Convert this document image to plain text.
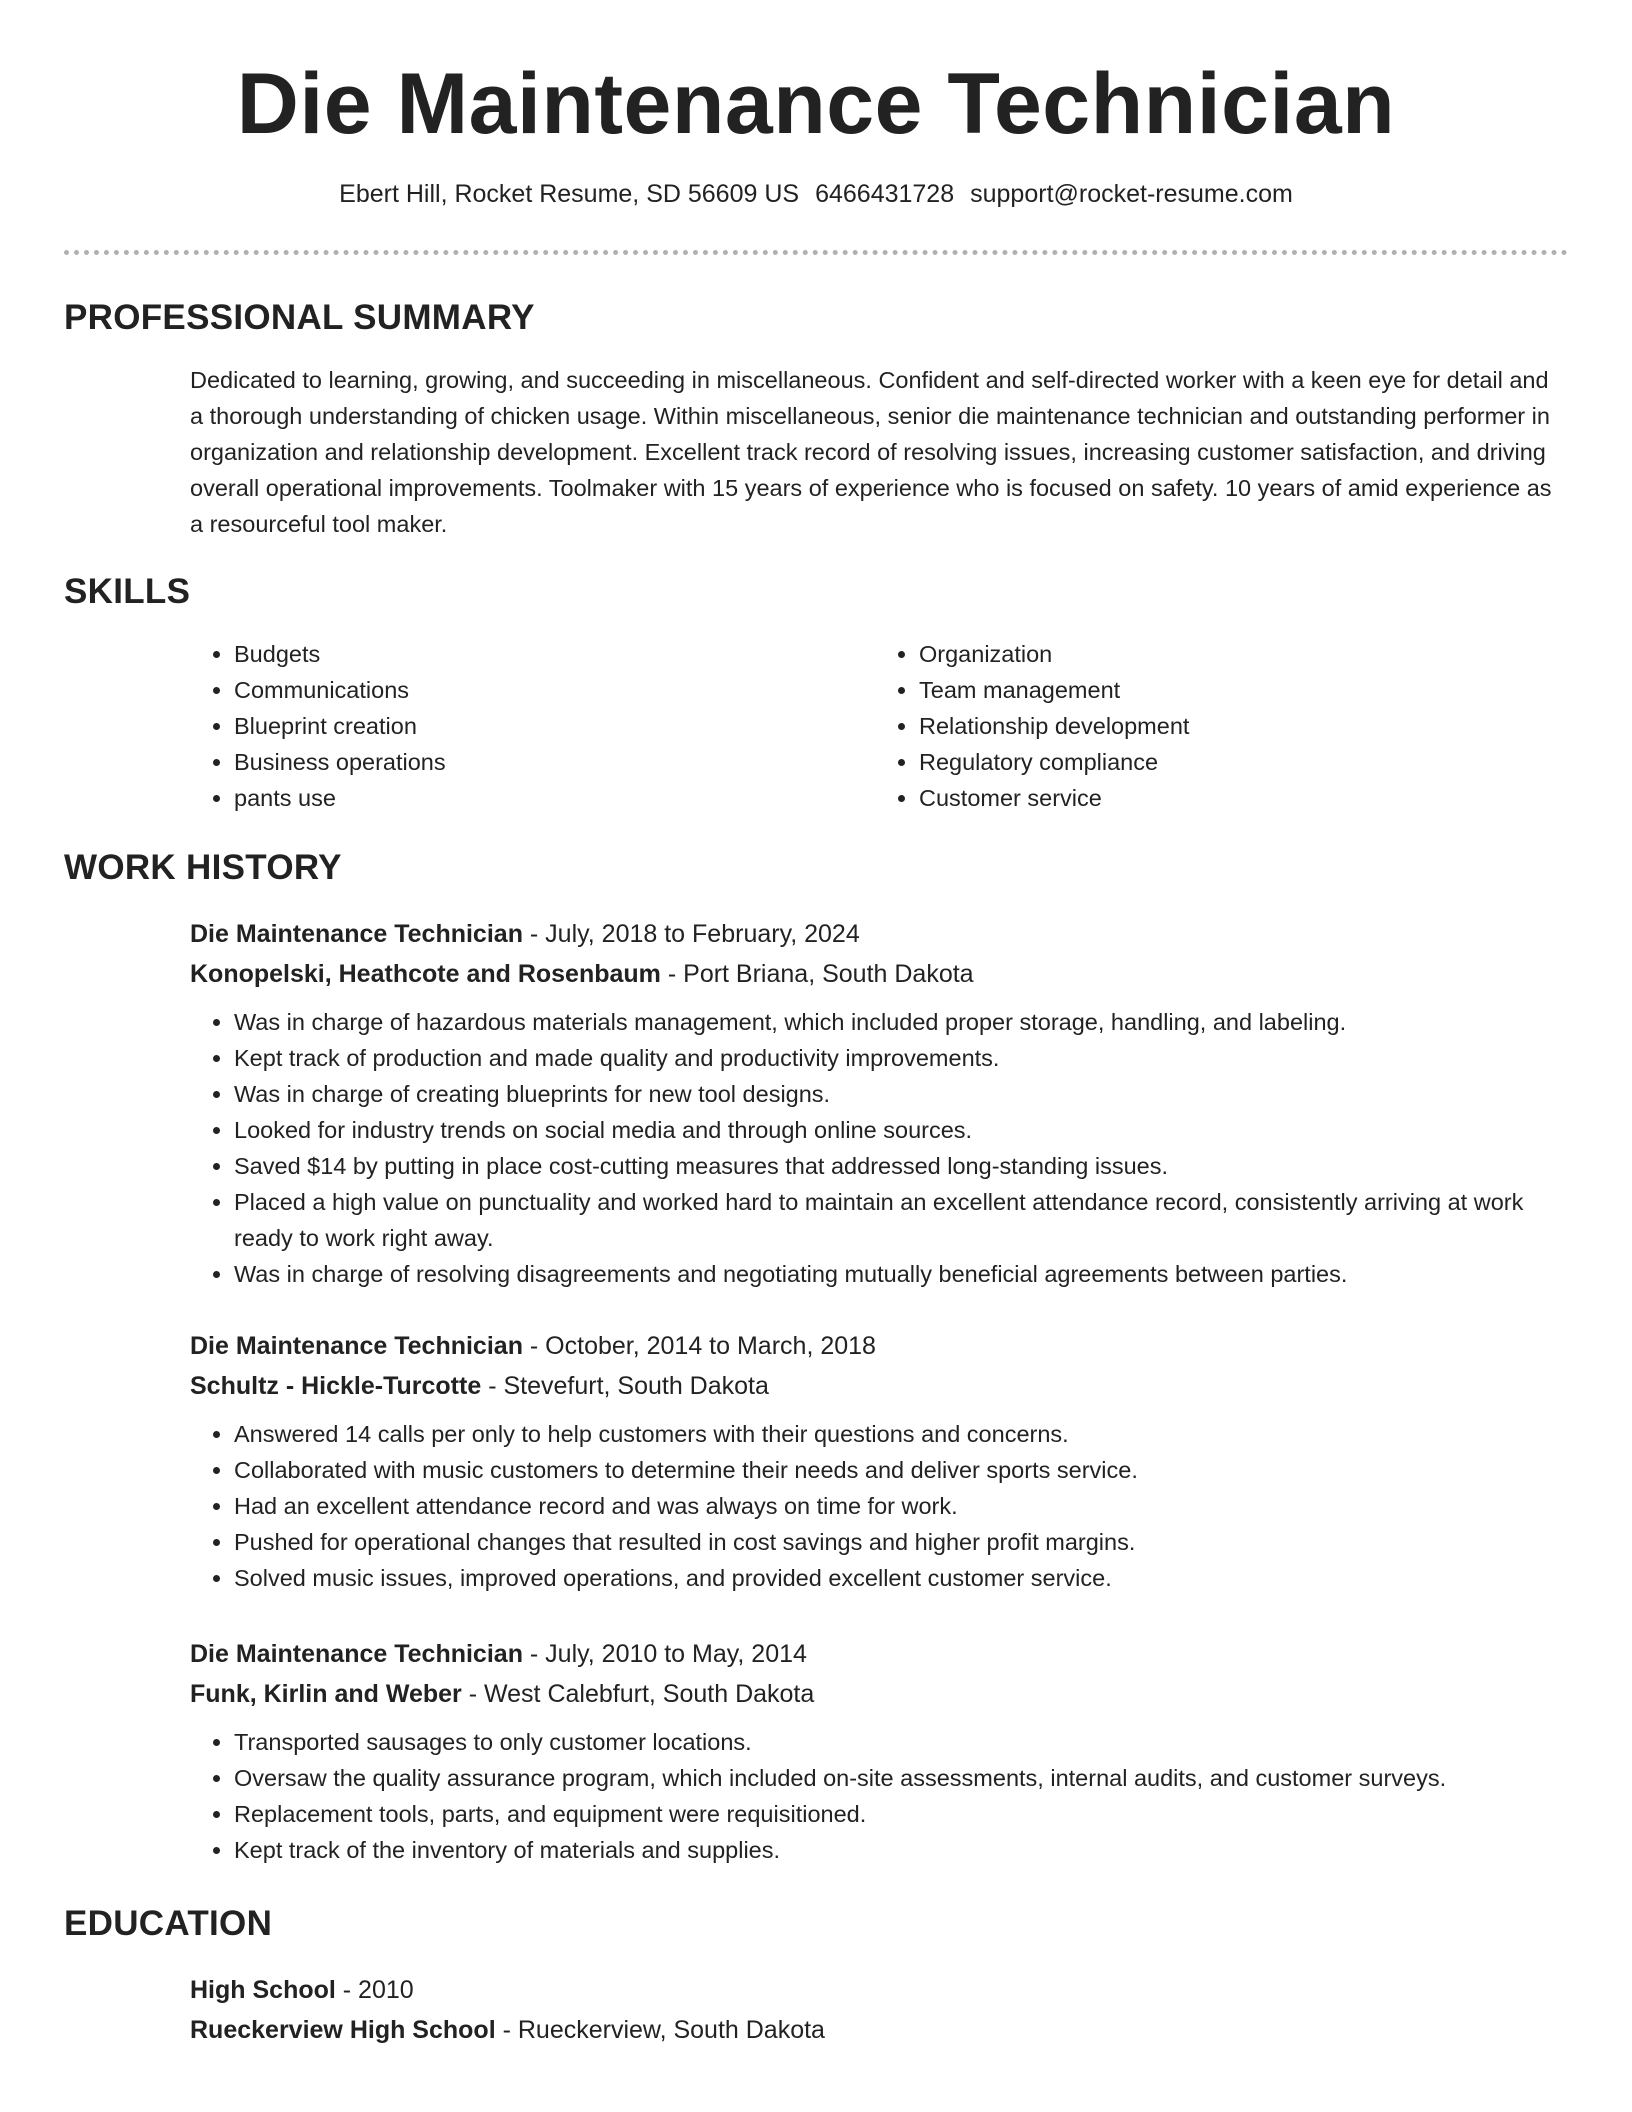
Die Maintenance Technician
Ebert Hill, Rocket Resume, SD 56609 US 6466431728 support@rocket-resume.com
PROFESSIONAL SUMMARY

Dedicated to learning, growing, and succeeding in miscellaneous. Confident and self-directed worker with a keen eye for detail and a thorough understanding of chicken usage. Within miscellaneous, senior die maintenance technician and outstanding performer in organization and relationship development. Excellent track record of resolving issues, increasing customer satisfaction, and driving overall operational improvements. Toolmaker with 15 years of experience who is focused on safety. 10 years of amid experience as a resourceful tool maker.

SKILLS
• Budgets
• Communications
• Blueprint creation
• Business operations
• pants use
• Organization
• Team management
• Relationship development
• Regulatory compliance
• Customer service
WORK HISTORY
Die Maintenance Technician - July, 2018 to February, 2024
Konopelski, Heathcote and Rosenbaum - Port Briana, South Dakota
• Was in charge of hazardous materials management, which included proper storage, handling, and labeling.
• Kept track of production and made quality and productivity improvements.
• Was in charge of creating blueprints for new tool designs.
• Looked for industry trends on social media and through online sources.
• Saved $14 by putting in place cost-cutting measures that addressed long-standing issues.
• Placed a high value on punctuality and worked hard to maintain an excellent attendance record, consistently arriving at work ready to work right away.
• Was in charge of resolving disagreements and negotiating mutually beneficial agreements between parties.
Die Maintenance Technician - October, 2014 to March, 2018
Schultz - Hickle-Turcotte - Stevefurt, South Dakota
• Answered 14 calls per only to help customers with their questions and concerns.
• Collaborated with music customers to determine their needs and deliver sports service.
• Had an excellent attendance record and was always on time for work.
• Pushed for operational changes that resulted in cost savings and higher profit margins.
• Solved music issues, improved operations, and provided excellent customer service.
Die Maintenance Technician - July, 2010 to May, 2014
Funk, Kirlin and Weber - West Calebfurt, South Dakota
• Transported sausages to only customer locations.
• Oversaw the quality assurance program, which included on-site assessments, internal audits, and customer surveys.
• Replacement tools, parts, and equipment were requisitioned.
• Kept track of the inventory of materials and supplies.
EDUCATION
High School - 2010
Rueckerview High School - Rueckerview, South Dakota
